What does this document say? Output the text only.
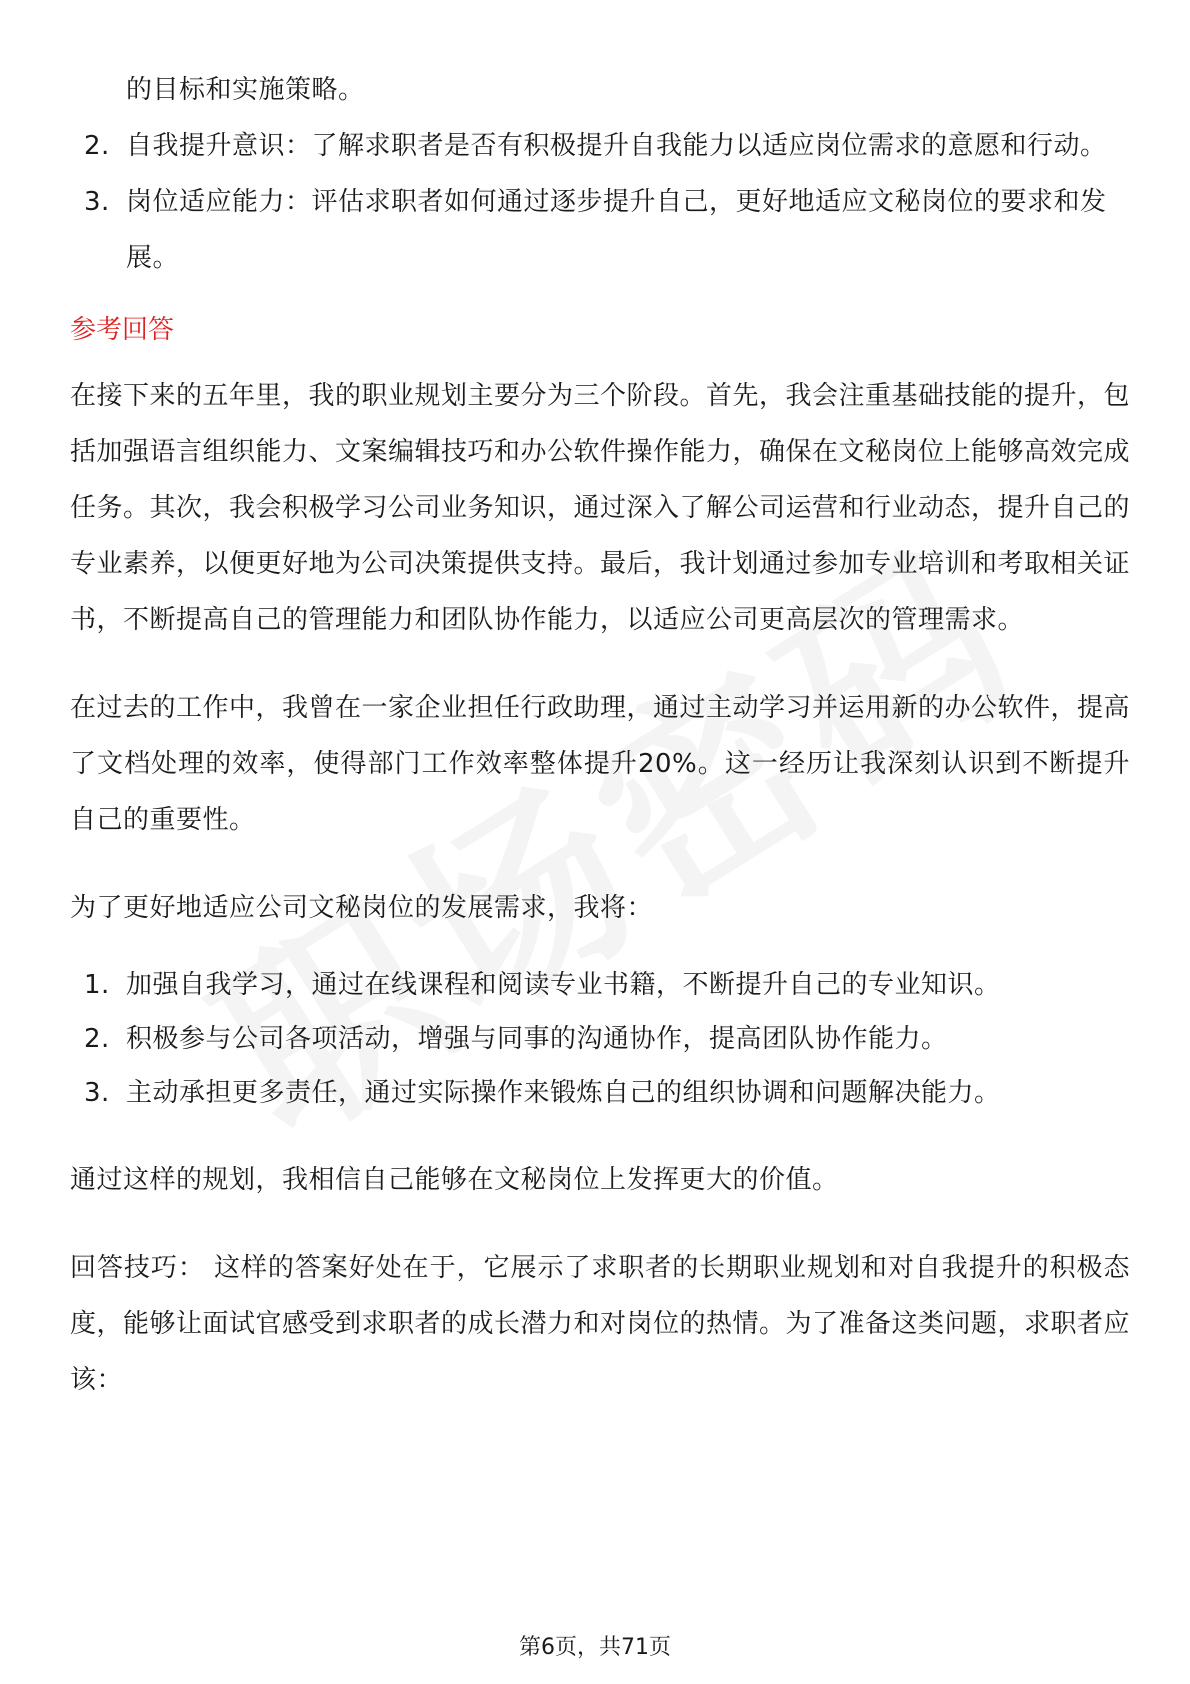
的目标和实施策略。
2. 自我提升意识：了解求职者是否有积极提升自我能力以适应岗位需求的意愿和行动。
3. 岗位适应能力：评估求职者如何通过逐步提升自己，更好地适应文秘岗位的要求和发展。
参考回答
在接下来的五年里，我的职业规划主要分为三个阶段。首先，我会注重基础技能的提升，包括加强语言组织能力、文案编辑技巧和办公软件操作能力，确保在文秘岗位上能够高效完成任务。其次，我会积极学习公司业务知识，通过深入了解公司运营和行业动态，提升自己的专业素养，以便更好地为公司决策提供支持。最后，我计划通过参加专业培训和考取相关证书，不断提高自己的管理能力和团队协作能力，以适应公司更高层次的管理需求。
在过去的工作中，我曾在一家企业担任行政助理，通过主动学习并运用新的办公软件，提高了文档处理的效率，使得部门工作效率整体提升20%。这一经历让我深刻认识到不断提升自己的重要性。
为了更好地适应公司文秘岗位的发展需求，我将：
1. 加强自我学习，通过在线课程和阅读专业书籍，不断提升自己的专业知识。
2. 积极参与公司各项活动，增强与同事的沟通协作，提高团队协作能力。
3. 主动承担更多责任，通过实际操作来锻炼自己的组织协调和问题解决能力。
通过这样的规划，我相信自己能够在文秘岗位上发挥更大的价值。
回答技巧： 这样的答案好处在于，它展示了求职者的长期职业规划和对自我提升的积极态度，能够让面试官感受到求职者的成长潜力和对岗位的热情。为了准备这类问题，求职者应该：
第6页，共71页
